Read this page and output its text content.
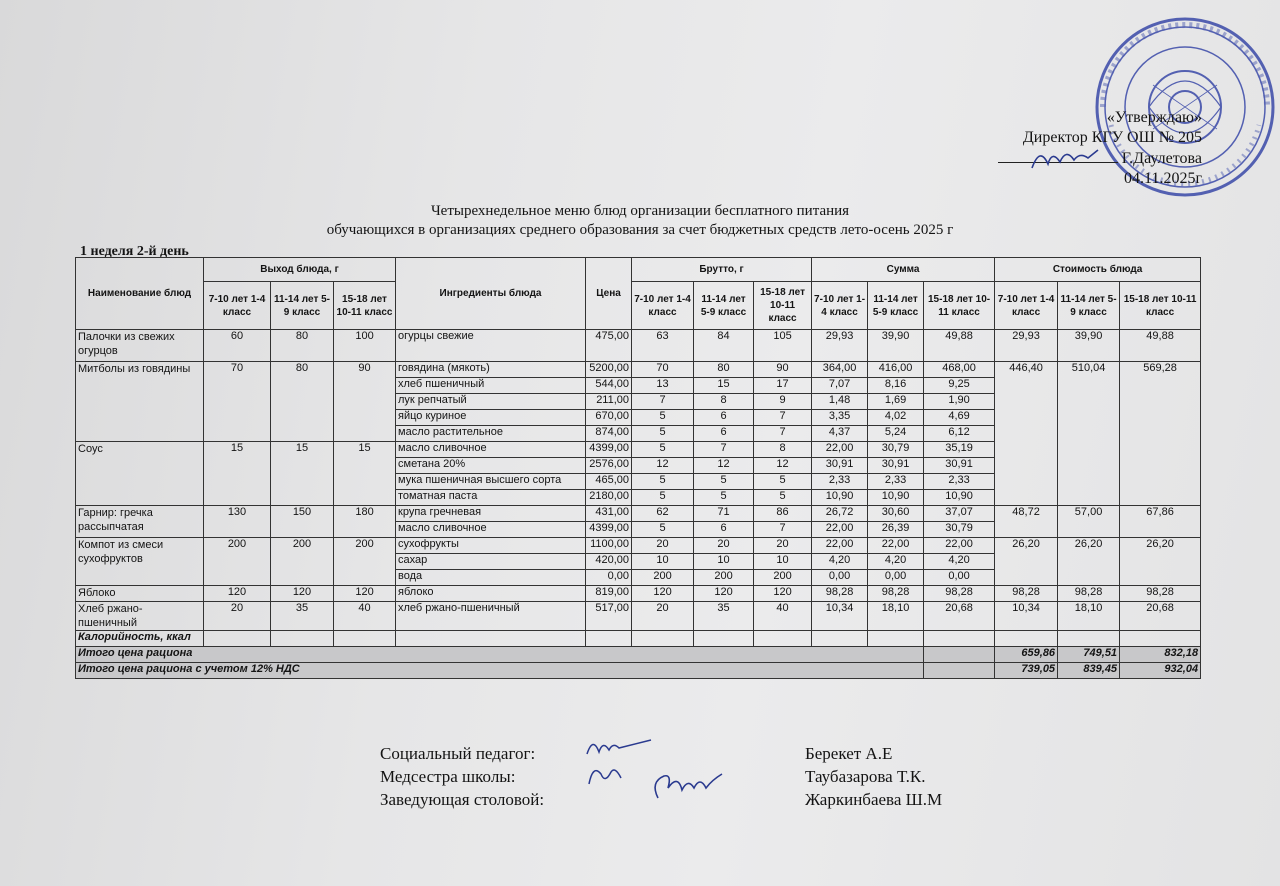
«Утверждаю»
Директор КГУ ОШ № 205
Г.Даулетова
04.11.2025г
Четырехнедельное меню блюд организации бесплатного питания
обучающихся в организациях среднего образования за счет бюджетных средств лето-осень 2025 г
1 неделя 2-й день
Наименование блюд	Выход блюда, г			Ингредиенты блюда	Цена	Брутто, г			Сумма			Стоимость блюда		
	7-10 лет 1-4 класс	11-14 лет 5-9 класс	15-18 лет 10-11 класс			7-10 лет 1-4 класс	11-14 лет 5-9 класс	15-18 лет 10-11 класс	7-10 лет 1-4 класс	11-14 лет 5-9 класс	15-18 лет 10-11 класс	7-10 лет 1-4 класс	11-14 лет 5-9 класс	15-18 лет 10-11 класс
Палочки из свежих огурцов	60	80	100	огурцы свежие	475,00	63	84	105	29,93	39,90	49,88	29,93	39,90	49,88
Митболы из говядины	70	80	90	говядина (мякоть)	5200,00	70	80	90	364,00	416,00	468,00	446,40	510,04	569,28
				хлеб пшеничный	544,00	13	15	17	7,07	8,16	9,25			
				лук репчатый	211,00	7	8	9	1,48	1,69	1,90			
				яйцо куриное	670,00	5	6	7	3,35	4,02	4,69			
				масло растительное	874,00	5	6	7	4,37	5,24	6,12			
Соус	15	15	15	масло сливочное	4399,00	5	7	8	22,00	30,79	35,19			
				сметана 20%	2576,00	12	12	12	30,91	30,91	30,91			
				мука пшеничная высшего сорта	465,00	5	5	5	2,33	2,33	2,33			
				томатная паста	2180,00	5	5	5	10,90	10,90	10,90			
Гарнир: гречка рассыпчатая	130	150	180	крупа гречневая	431,00	62	71	86	26,72	30,60	37,07	48,72	57,00	67,86
				масло сливочное	4399,00	5	6	7	22,00	26,39	30,79			
Компот из смеси сухофруктов	200	200	200	сухофрукты	1100,00	20	20	20	22,00	22,00	22,00	26,20	26,20	26,20
				сахар	420,00	10	10	10	4,20	4,20	4,20			
				вода	0,00	200	200	200	0,00	0,00	0,00			
Яблоко	120	120	120	яблоко	819,00	120	120	120	98,28	98,28	98,28	98,28	98,28	98,28
Хлеб ржано-пшеничный	20	35	40	хлеб ржано-пшеничный	517,00	20	35	40	10,34	18,10	20,68	10,34	18,10	20,68
Калорийность, ккал														
Итого цена рациона												659,86	749,51	832,18
Итого цена рациона с учетом 12% НДС												739,05	839,45	932,04
Социальный педагог:	Берекет А.Е
Медсестра школы:	Таубазарова Т.К.
Заведующая столовой:	Жаркинбаева Ш.М
